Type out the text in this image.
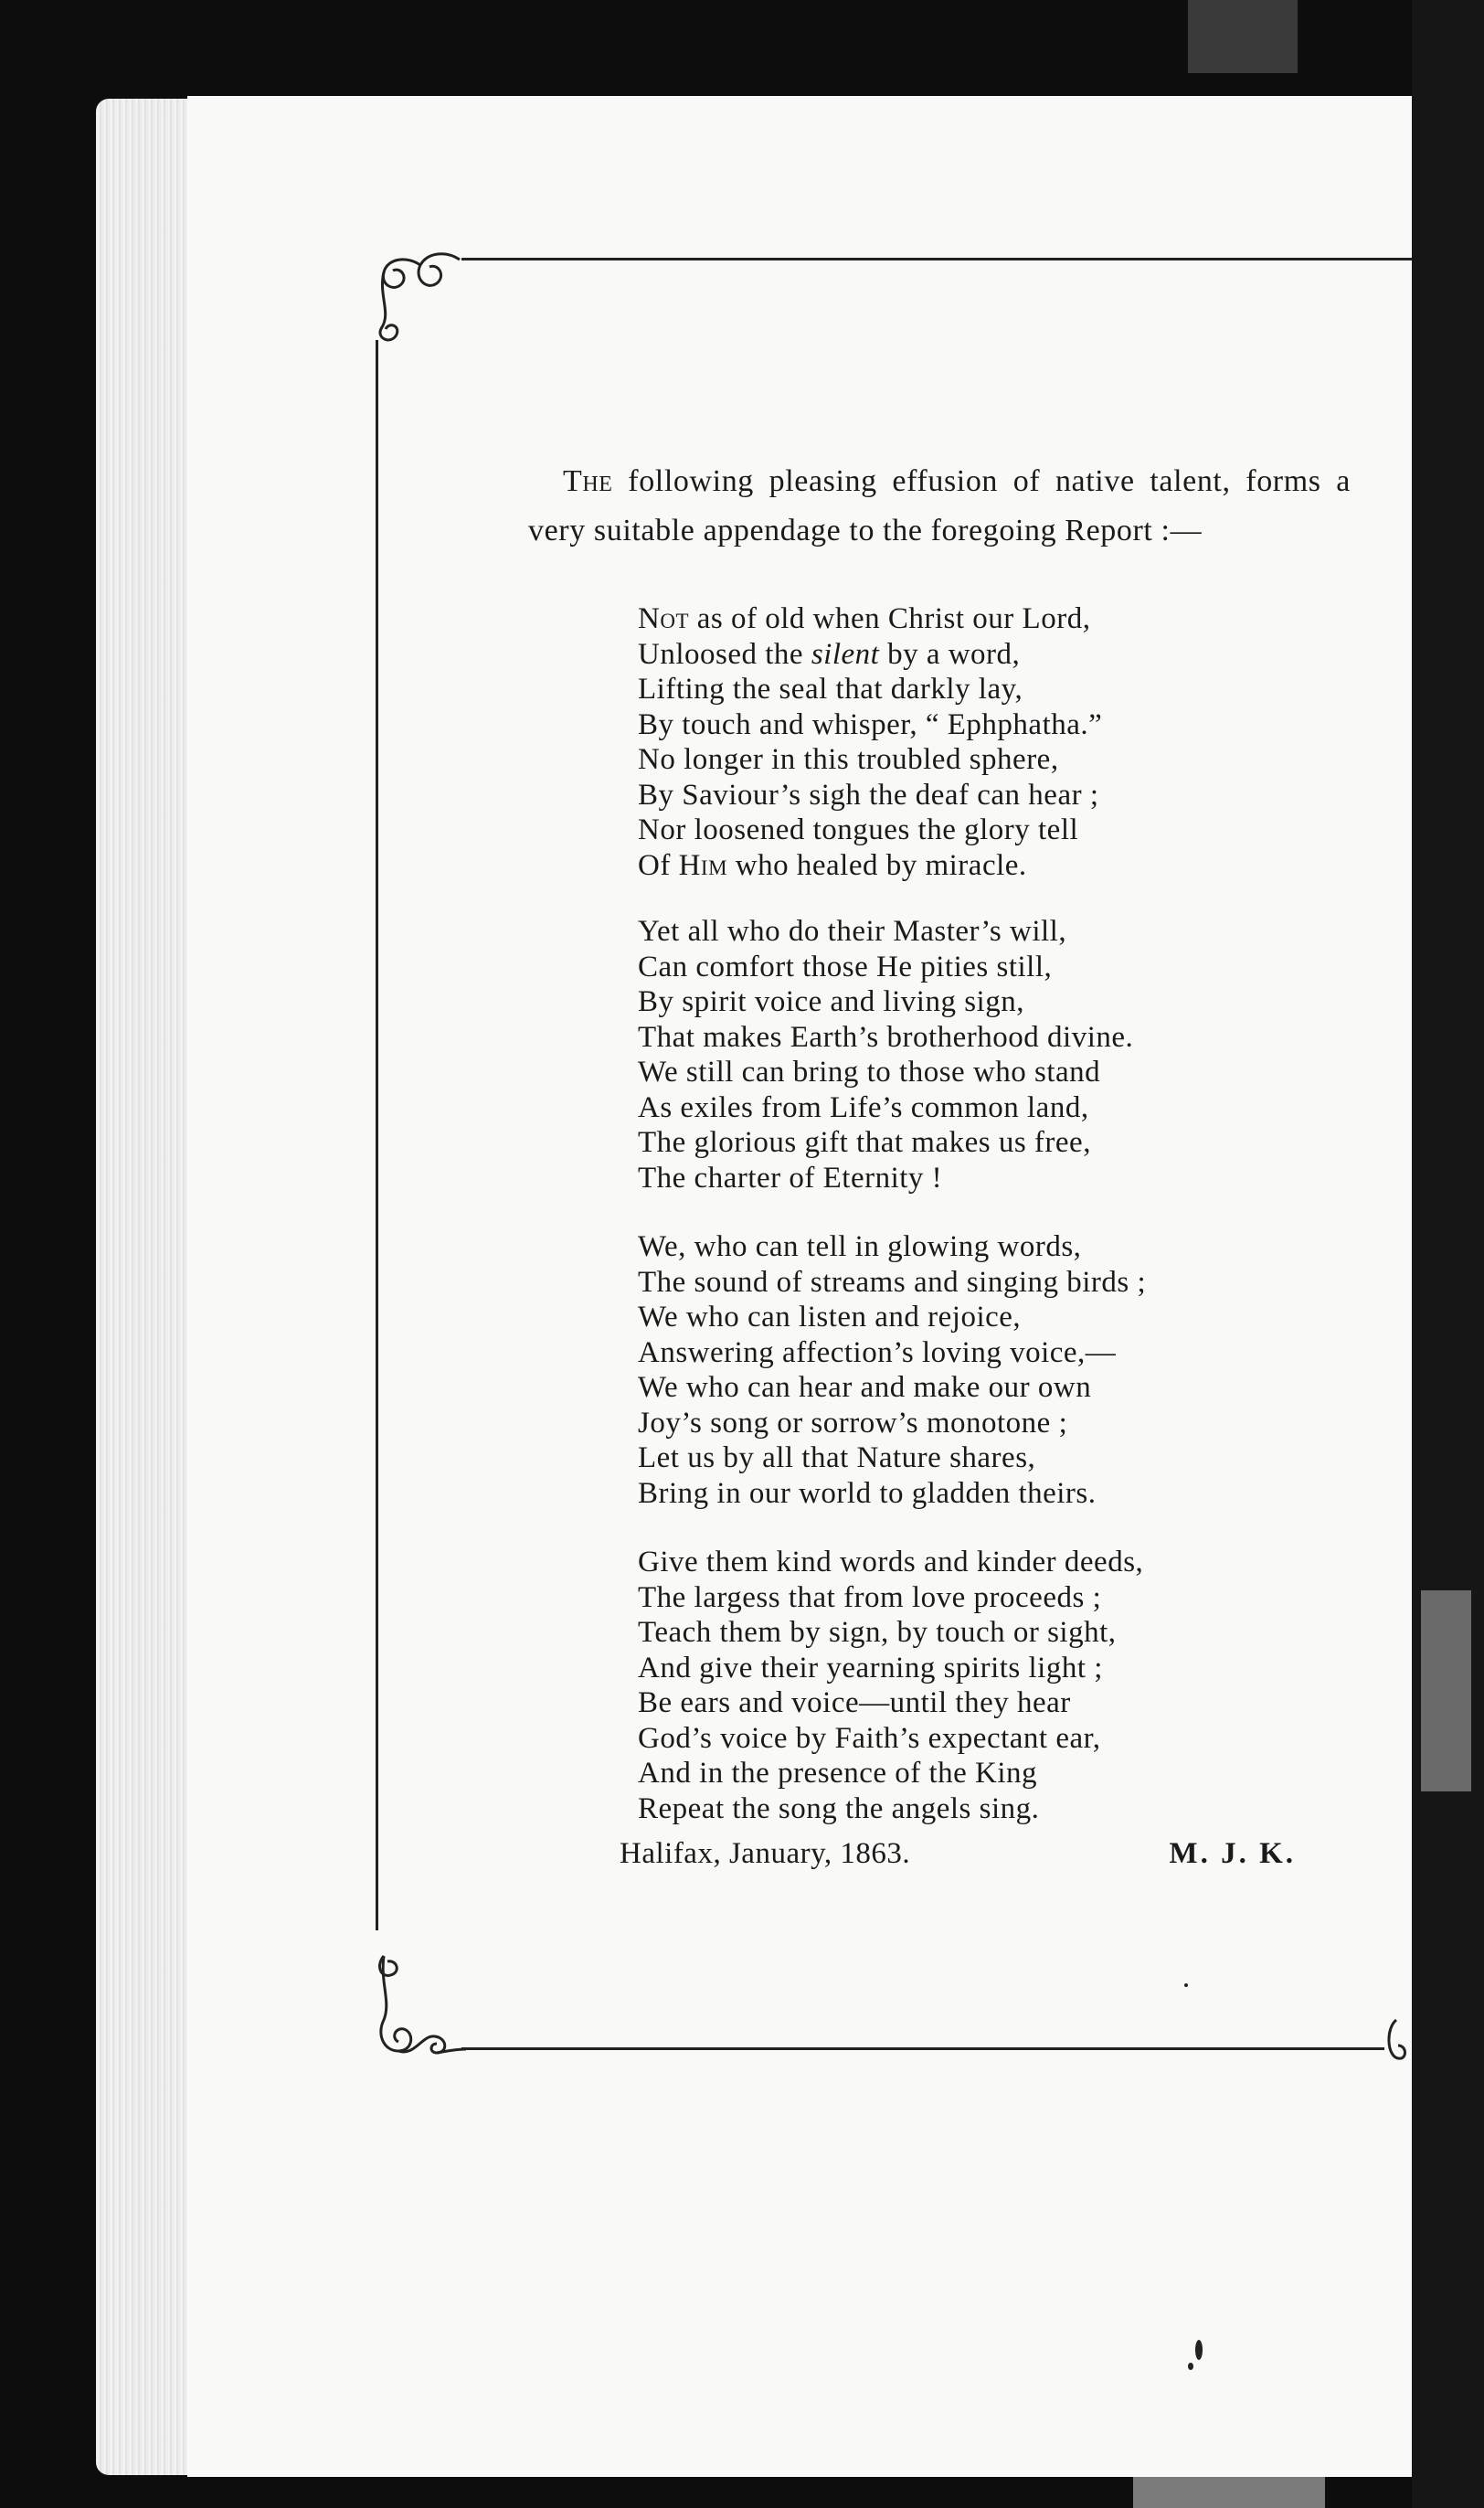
The following pleasing effusion of native talent, forms a very suitable appendage to the foregoing Report :—
Not as of old when Christ our Lord,
Unloosed the silent by a word,
Lifting the seal that darkly lay,
By touch and whisper, “ Ephphatha.”
No longer in this troubled sphere,
By Saviour’s sigh the deaf can hear ;
Nor loosened tongues the glory tell
Of Him who healed by miracle.
Yet all who do their Master’s will,
Can comfort those He pities still,
By spirit voice and living sign,
That makes Earth’s brotherhood divine.
We still can bring to those who stand
As exiles from Life’s common land,
The glorious gift that makes us free,
The charter of Eternity !
We, who can tell in glowing words,
The sound of streams and singing birds ;
We who can listen and rejoice,
Answering affection’s loving voice,—
We who can hear and make our own
Joy’s song or sorrow’s monotone ;
Let us by all that Nature shares,
Bring in our world to gladden theirs.
Give them kind words and kinder deeds,
The largess that from love proceeds ;
Teach them by sign, by touch or sight,
And give their yearning spirits light ;
Be ears and voice—until they hear
God’s voice by Faith’s expectant ear,
And in the presence of the King
Repeat the song the angels sing.
Halifax, January, 1863.	M. J. K.
